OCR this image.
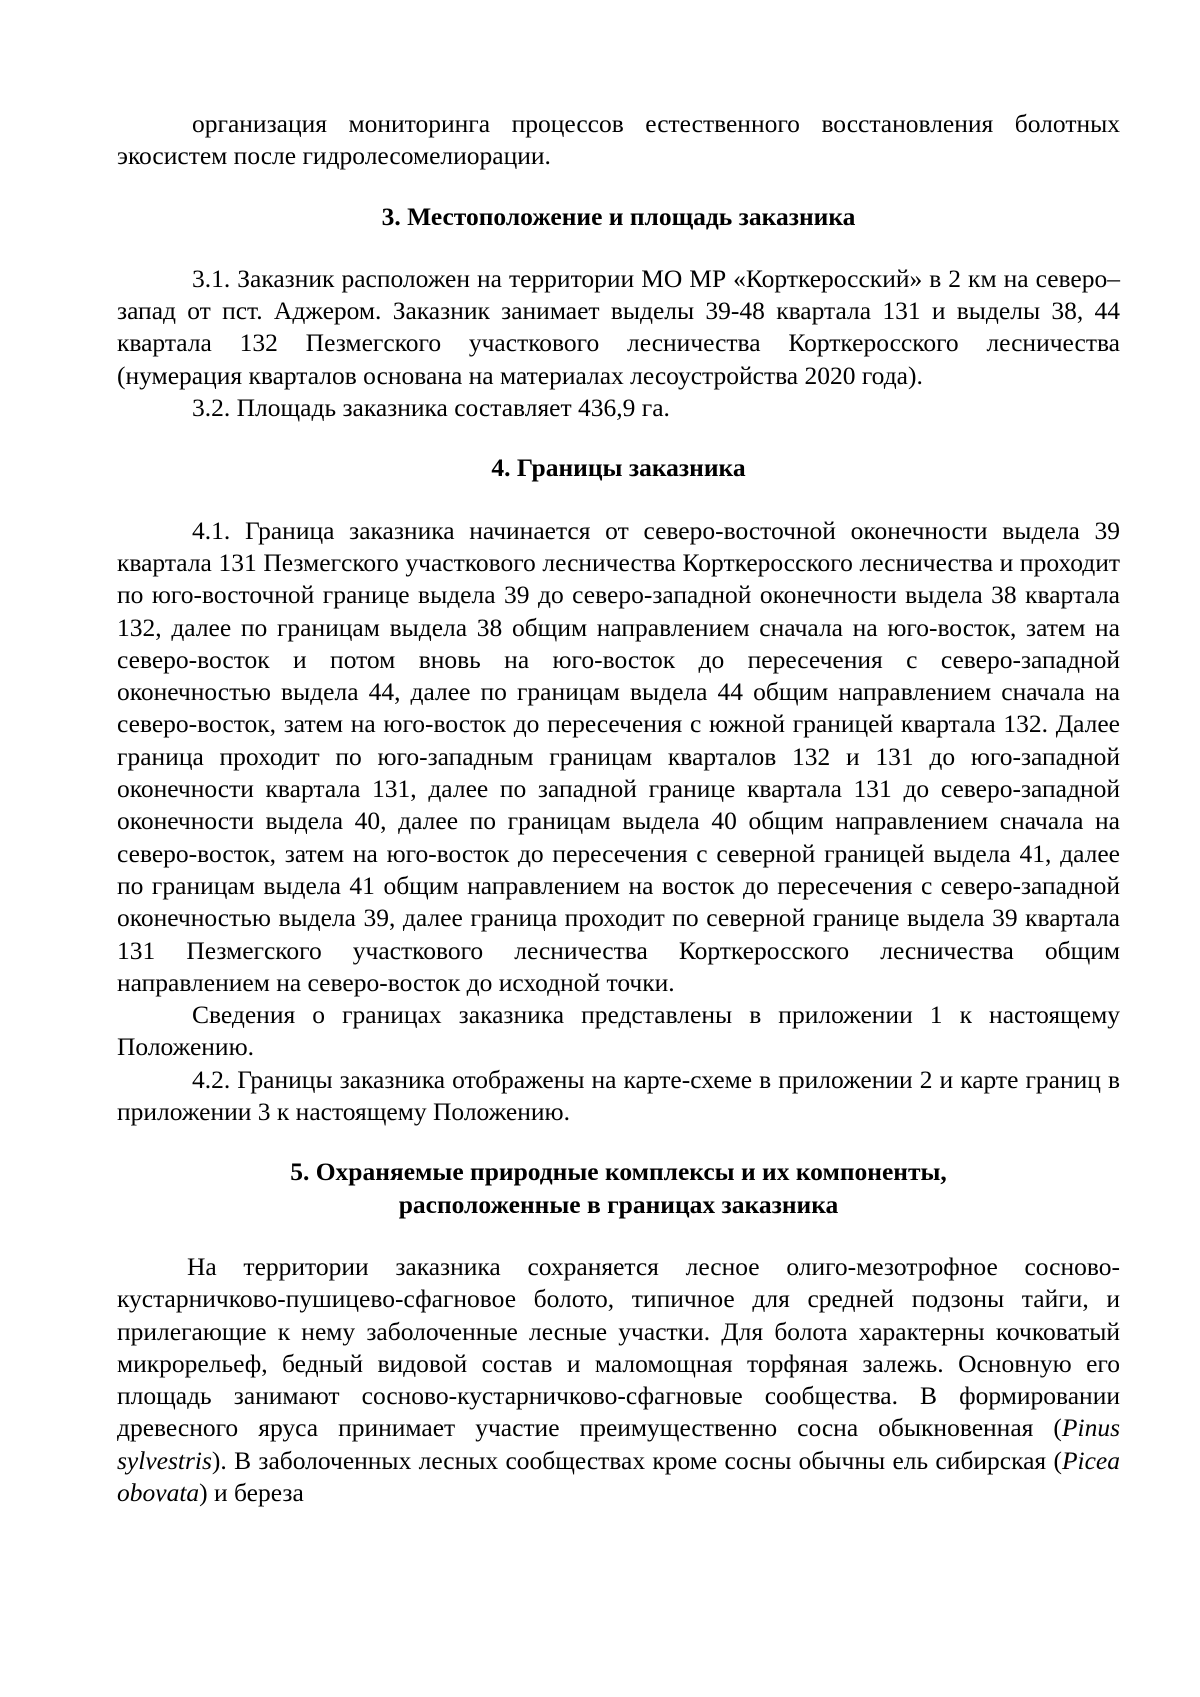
организация мониторинга процессов естественного восстановления болотных экосистем после гидролесомелиорации.

3. Местоположение и площадь заказника

3.1. Заказник расположен на территории МО МР «Корткеросский» в 2 км на северо–запад от пст. Аджером. Заказник занимает выделы 39-48 квартала 131 и выделы 38, 44 квартала 132 Пезмегского участкового лесничества Корткеросского лесничества (нумерация кварталов основана на материалах лесоустройства 2020 года).

3.2. Площадь заказника составляет 436,9 га.

4. Границы заказника

4.1. Граница заказника начинается от северо-восточной оконечности выдела 39 квартала 131 Пезмегского участкового лесничества Корткеросского лесничества и проходит по юго-восточной границе выдела 39 до северо-западной оконечности выдела 38 квартала 132, далее по границам выдела 38 общим направлением сначала на юго-восток, затем на северо-восток и потом вновь на юго-восток до пересечения с северо-западной оконечностью выдела 44, далее по границам выдела 44 общим направлением сначала на северо-восток, затем на юго-восток до пересечения с южной границей квартала 132. Далее граница проходит по юго-западным границам кварталов 132 и 131 до юго-западной оконечности квартала 131, далее по западной границе квартала 131 до северо-западной оконечности выдела 40, далее по границам выдела 40 общим направлением сначала на северо-восток, затем на юго-восток до пересечения с северной границей выдела 41, далее по границам выдела 41 общим направлением на восток до пересечения с северо-западной оконечностью выдела 39, далее граница проходит по северной границе выдела 39 квартала 131 Пезмегского участкового лесничества Корткеросского лесничества общим направлением на северо-восток до исходной точки.

Сведения о границах заказника представлены в приложении 1 к настоящему Положению.

4.2. Границы заказника отображены на карте-схеме в приложении 2 и карте границ в приложении 3 к настоящему Положению.

5. Охраняемые природные комплексы и их компоненты,
расположенные в границах заказника

На территории заказника сохраняется лесное олиго-мезотрофное сосново-кустарничково-пушицево-сфагновое болото, типичное для средней подзоны тайги, и прилегающие к нему заболоченные лесные участки. Для болота характерны кочковатый микрорельеф, бедный видовой состав и маломощная торфяная залежь. Основную его площадь занимают сосново-кустарничково-сфагновые сообщества. В формировании древесного яруса принимает участие преимущественно сосна обыкновенная (Pinus sylvestris). В заболоченных лесных сообществах кроме сосны обычны ель сибирская (Picea obovata) и береза
